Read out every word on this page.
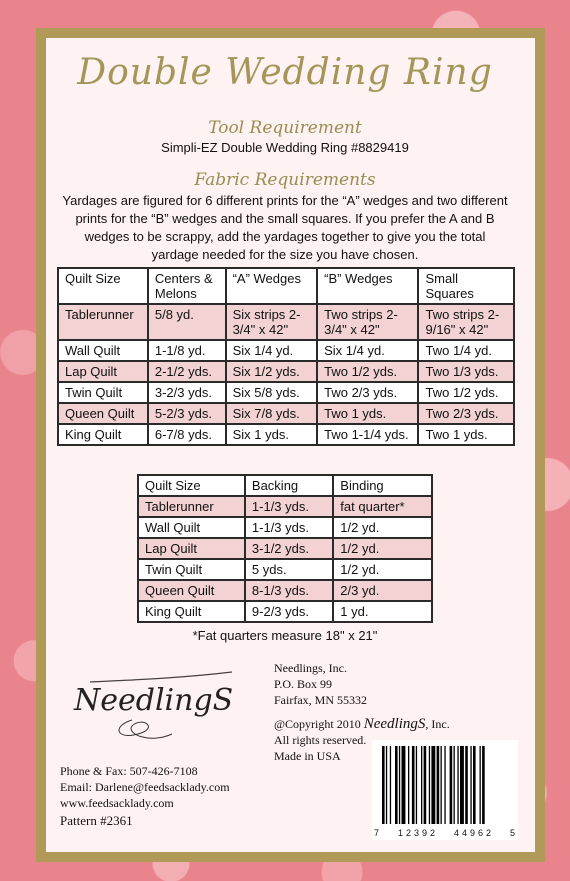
Double Wedding Ring
Tool Requirement
Simpli-EZ Double Wedding Ring #8829419
Fabric Requirements
Yardages are figured for 6 different prints for the “A” wedges and two different prints for the “B” wedges and the small squares. If you prefer the A and B wedges to be scrappy, add the yardages together to give you the total yardage needed for the size you have chosen.
Quilt Size	Centers & Melons	“A” Wedges	“B” Wedges	Small Squares
Tablerunner	5/8 yd.	Six strips 2-3/4" x 42"	Two strips 2-3/4" x 42"	Two strips 2-9/16" x 42"
Wall Quilt	1-1/8 yd.	Six 1/4 yd.	Six 1/4 yd.	Two 1/4 yd.
Lap Quilt	2-1/2 yds.	Six 1/2 yds.	Two 1/2 yds.	Two 1/3 yds.
Twin Quilt	3-2/3 yds.	Six 5/8 yds.	Two 2/3 yds.	Two 1/2 yds.
Queen Quilt	5-2/3 yds.	Six 7/8 yds.	Two 1 yds.	Two 2/3 yds.
King Quilt	6-7/8 yds.	Six 1 yds.	Two 1-1/4 yds.	Two 1 yds.
Quilt Size	Backing	Binding
Tablerunner	1-1/3 yds.	fat quarter*
Wall Quilt	1-1/3 yds.	1/2 yd.
Lap Quilt	3-1/2 yds.	1/2 yd.
Twin Quilt	5 yds.	1/2 yd.
Queen Quilt	8-1/3 yds.	2/3 yd.
King Quilt	9-2/3 yds.	1 yd.
*Fat quarters measure 18" x 21"
NeedlingS
Needlings, Inc.
P.O. Box 99
Fairfax, MN 55332
@Copyright 2010 NeedlingS, Inc.
All rights reserved.
Made in USA
Phone & Fax: 507-426-7108
Email: Darlene@feedsacklady.com
www.feedsacklady.com
Pattern #2361
7 12392 44962 5
